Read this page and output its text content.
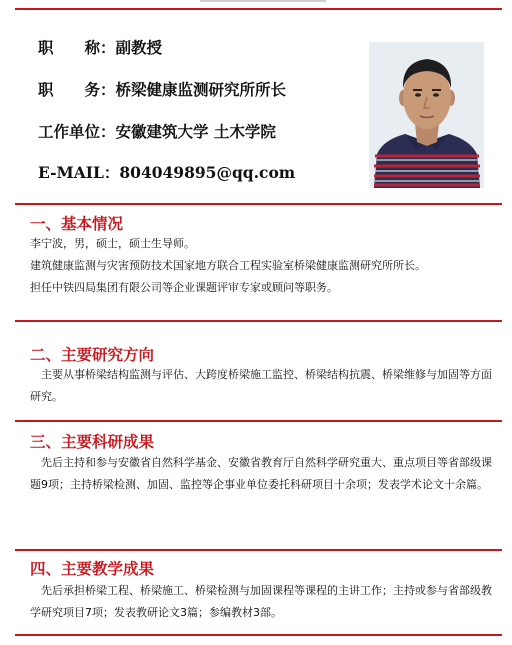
职　　称：副教授
职　　务：桥梁健康监测研究所所长
工作单位：安徽建筑大学 土木学院
E-MAIL：804049895@qq.com
一、基本情况
李宁波，男，硕士，硕士生导师。
建筑健康监测与灾害预防技术国家地方联合工程实验室桥梁健康监测研究所所长。
担任中铁四局集团有限公司等企业课题评审专家或顾问等职务。
二、主要研究方向
主要从事桥梁结构监测与评估、大跨度桥梁施工监控、桥梁结构抗震、桥梁维修与加固等方面研究。
三、主要科研成果
先后主持和参与安徽省自然科学基金、安徽省教育厅自然科学研究重大、重点项目等省部级课题9项；主持桥梁检测、加固、监控等企事业单位委托科研项目十余项；发表学术论文十余篇。
四、主要教学成果
先后承担桥梁工程、桥梁施工、桥梁检测与加固课程等课程的主讲工作；主持或参与省部级教学研究项目7项；发表教研论文3篇；参编教材3部。
